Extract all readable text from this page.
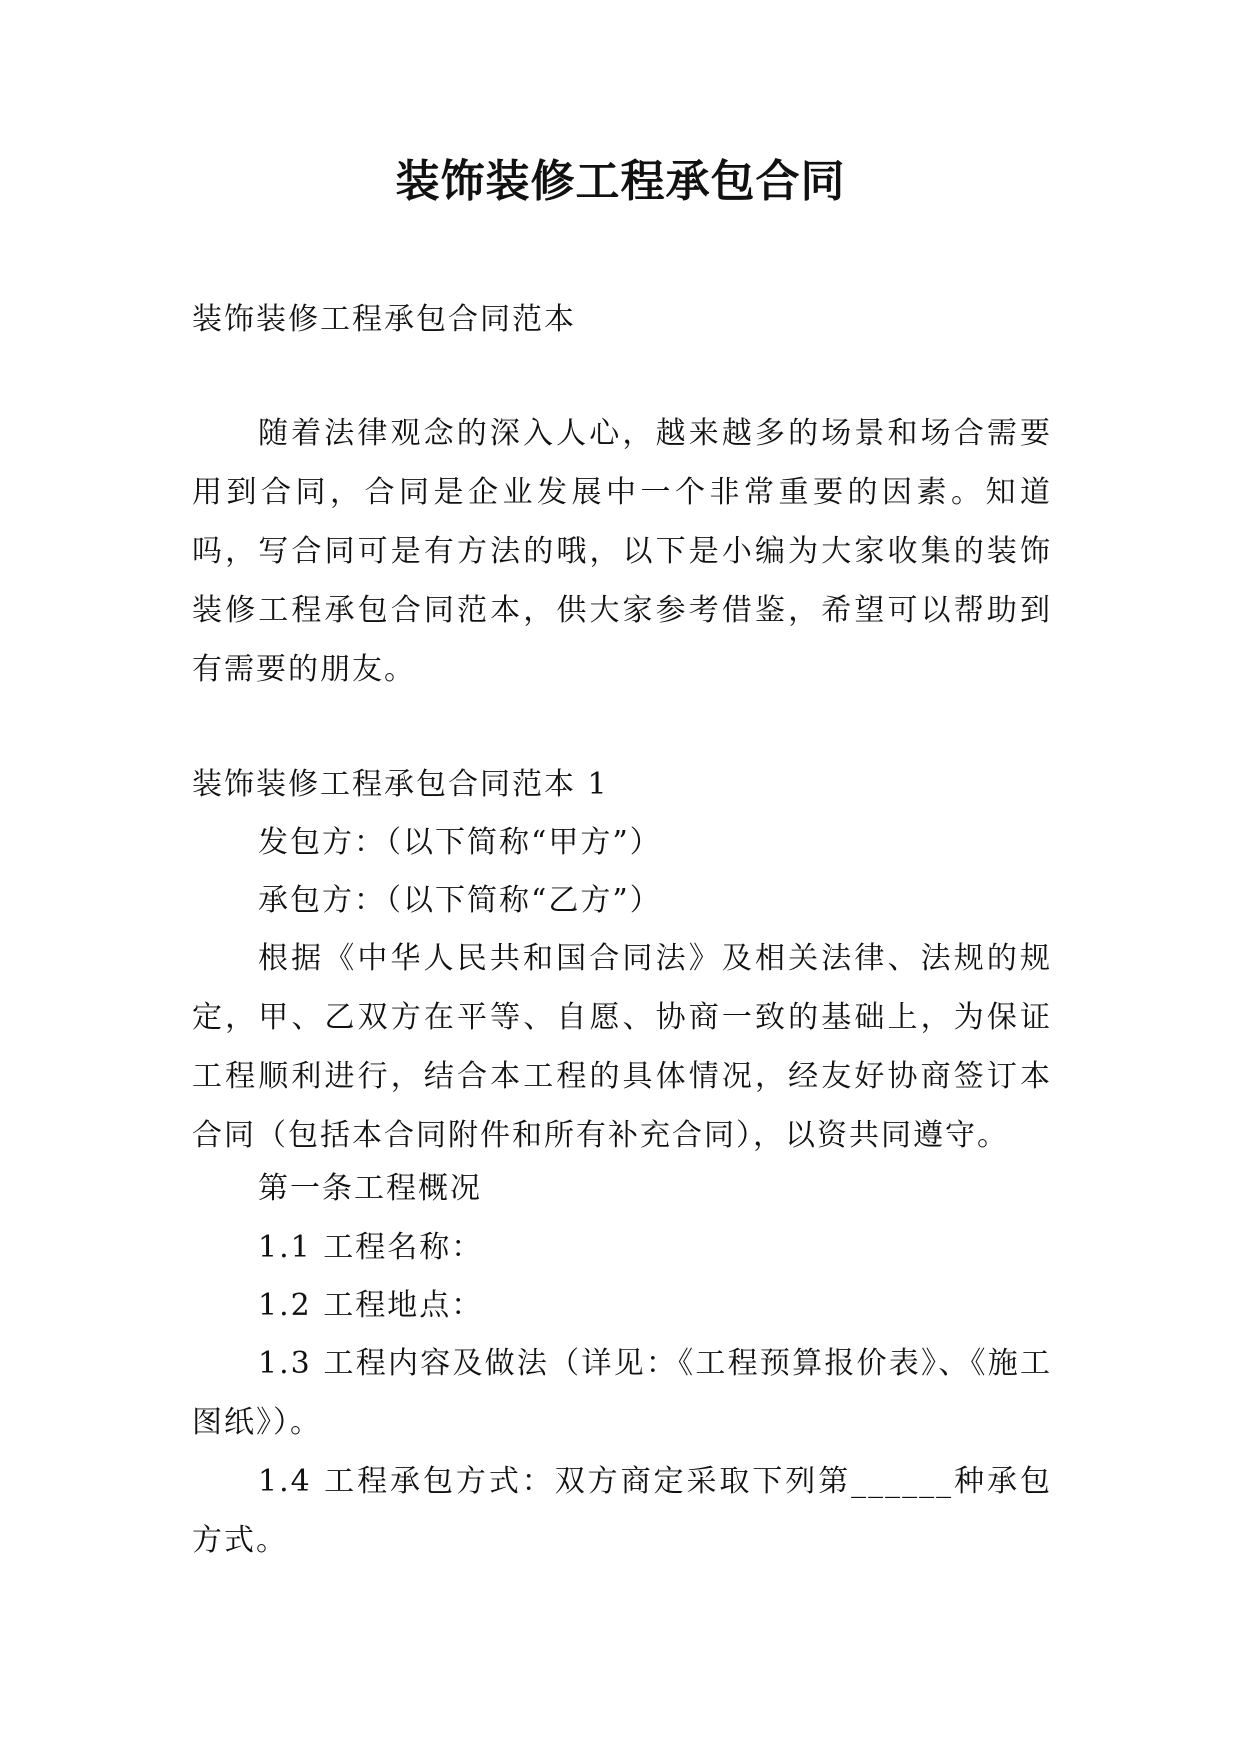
装饰装修工程承包合同

装饰装修工程承包合同范本

随着法律观念的深入人心，越来越多的场景和场合需要用到合同，合同是企业发展中一个非常重要的因素。知道吗，写合同可是有方法的哦，以下是小编为大家收集的装饰装修工程承包合同范本，供大家参考借鉴，希望可以帮助到有需要的朋友。

装饰装修工程承包合同范本 1

发包方：（以下简称“甲方”）

承包方：（以下简称“乙方”）

根据《中华人民共和国合同法》及相关法律、法规的规定，甲、乙双方在平等、自愿、协商一致的基础上，为保证工程顺利进行，结合本工程的具体情况，经友好协商签订本合同（包括本合同附件和所有补充合同），以资共同遵守。

第一条工程概况

1.1 工程名称：

1.2 工程地点：

1.3 工程内容及做法（详见：《工程预算报价表》、《施工图纸》）。

1.4 工程承包方式：双方商定采取下列第______种承包方式。
